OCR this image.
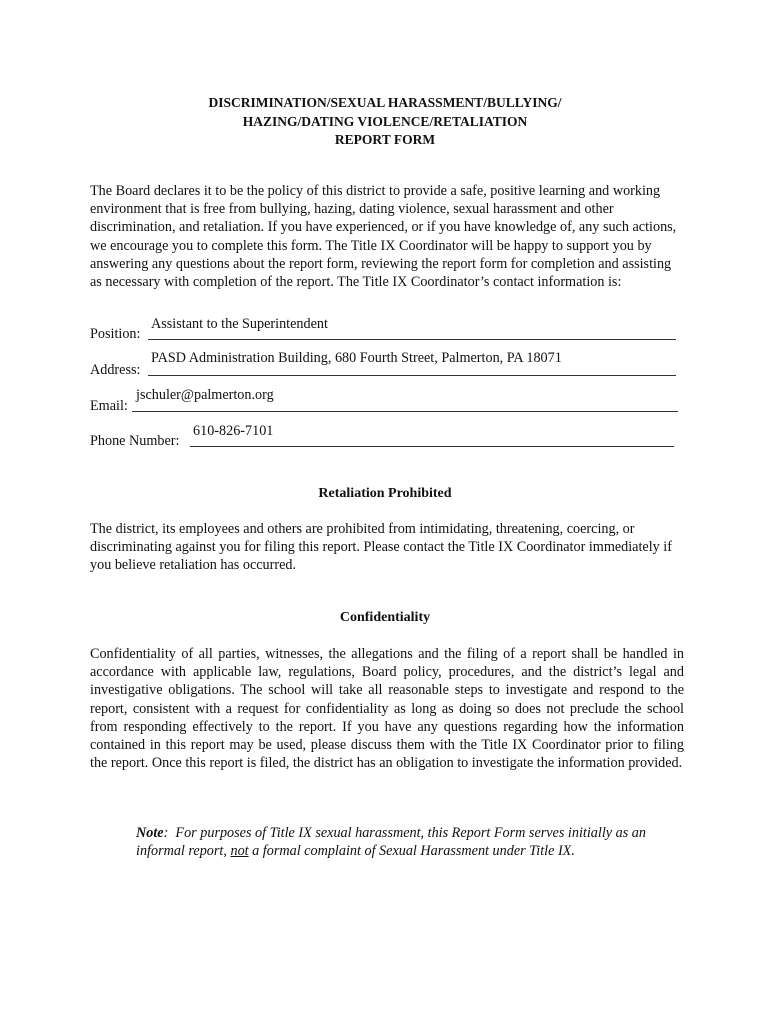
DISCRIMINATION/SEXUAL HARASSMENT/BULLYING/
HAZING/DATING VIOLENCE/RETALIATION
REPORT FORM
The Board declares it to be the policy of this district to provide a safe, positive learning and working environment that is free from bullying, hazing, dating violence, sexual harassment and other discrimination, and retaliation. If you have experienced, or if you have knowledge of, any such actions, we encourage you to complete this form. The Title IX Coordinator will be happy to support you by answering any questions about the report form, reviewing the report form for completion and assisting as necessary with completion of the report. The Title IX Coordinator’s contact information is:
Position:
Assistant to the Superintendent
Address:
PASD Administration Building, 680 Fourth Street, Palmerton, PA 18071
Email:
jschuler@palmerton.org
Phone Number:
610-826-7101
Retaliation Prohibited
The district, its employees and others are prohibited from intimidating, threatening, coercing, or discriminating against you for filing this report. Please contact the Title IX Coordinator immediately if you believe retaliation has occurred.
Confidentiality
Confidentiality of all parties, witnesses, the allegations and the filing of a report shall be handled in accordance with applicable law, regulations, Board policy, procedures, and the district’s legal and investigative obligations. The school will take all reasonable steps to investigate and respond to the report, consistent with a request for confidentiality as long as doing so does not preclude the school from responding effectively to the report. If you have any questions regarding how the information contained in this report may be used, please discuss them with the Title IX Coordinator prior to filing the report. Once this report is filed, the district has an obligation to investigate the information provided.
Note:  For purposes of Title IX sexual harassment, this Report Form serves initially as an informal report, not a formal complaint of Sexual Harassment under Title IX.
